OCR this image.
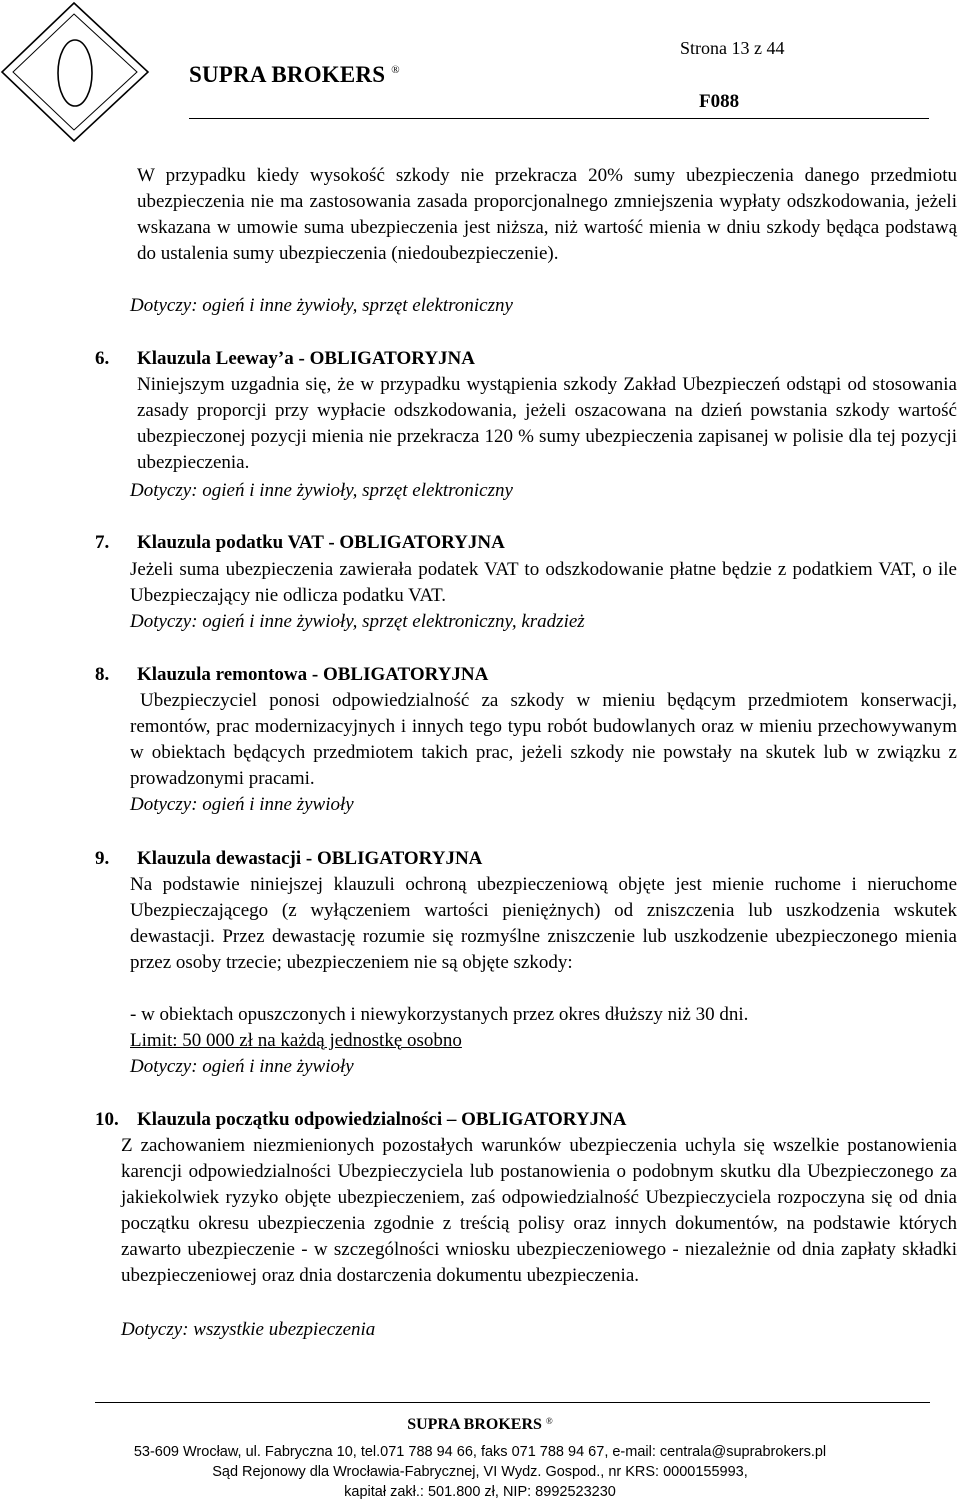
SUPRA BROKERS ®
Strona 13 z 44
F088

W przypadku kiedy wysokość szkody nie przekracza 20% sumy ubezpieczenia danego przedmiotu ubezpieczenia nie ma zastosowania zasada proporcjonalnego zmniejszenia wypłaty odszkodowania, jeżeli wskazana w umowie suma ubezpieczenia jest niższa, niż wartość mienia w dniu szkody będąca podstawą do ustalenia sumy ubezpieczenia (niedoubezpieczenie).

Dotyczy: ogień i inne żywioły, sprzęt elektroniczny

6. Klauzula Leeway’a - OBLIGATORYJNA

Niniejszym uzgadnia się, że w przypadku wystąpienia szkody Zakład Ubezpieczeń odstąpi od stosowania zasady proporcji przy wypłacie odszkodowania, jeżeli oszacowana na dzień powstania szkody wartość ubezpieczonej pozycji mienia nie przekracza 120 % sumy ubezpieczenia zapisanej w polisie dla tej pozycji ubezpieczenia.

Dotyczy: ogień i inne żywioły, sprzęt elektroniczny

7. Klauzula podatku VAT - OBLIGATORYJNA

Jeżeli suma ubezpieczenia zawierała podatek VAT to odszkodowanie płatne będzie z podatkiem VAT, o ile Ubezpieczający nie odlicza podatku VAT.

Dotyczy: ogień i inne żywioły, sprzęt elektroniczny, kradzież

8. Klauzula remontowa - OBLIGATORYJNA

Ubezpieczyciel ponosi odpowiedzialność za szkody w mieniu będącym przedmiotem konserwacji, remontów, prac modernizacyjnych i innych tego typu robót budowlanych oraz w mieniu przechowywanym w obiektach będących przedmiotem takich prac, jeżeli szkody nie powstały na skutek lub w związku z prowadzonymi pracami.

Dotyczy: ogień i inne żywioły

9. Klauzula dewastacji - OBLIGATORYJNA

Na podstawie niniejszej klauzuli ochroną ubezpieczeniową objęte jest mienie ruchome i nieruchome Ubezpieczającego (z wyłączeniem wartości pieniężnych) od zniszczenia lub uszkodzenia wskutek dewastacji. Przez dewastację rozumie się rozmyślne zniszczenie lub uszkodzenie ubezpieczonego mienia przez osoby trzecie; ubezpieczeniem nie są objęte szkody:

- w obiektach opuszczonych i niewykorzystanych przez okres dłuższy niż 30 dni.

Limit: 50 000 zł na każdą jednostkę osobno

Dotyczy: ogień i inne żywioły

10. Klauzula początku odpowiedzialności – OBLIGATORYJNA

Z zachowaniem niezmienionych pozostałych warunków ubezpieczenia uchyla się wszelkie postanowienia karencji odpowiedzialności Ubezpieczyciela lub postanowienia o podobnym skutku dla Ubezpieczonego za jakiekolwiek ryzyko objęte ubezpieczeniem, zaś odpowiedzialność Ubezpieczyciela rozpoczyna się od dnia początku okresu ubezpieczenia zgodnie z treścią polisy oraz innych dokumentów, na podstawie których zawarto ubezpieczenie - w szczególności wniosku ubezpieczeniowego - niezależnie od dnia zapłaty składki ubezpieczeniowej oraz dnia dostarczenia dokumentu ubezpieczenia.

Dotyczy: wszystkie ubezpieczenia

SUPRA BROKERS ®
53-609 Wrocław, ul. Fabryczna 10, tel.071 788 94 66, faks 071 788 94 67, e-mail: centrala@suprabrokers.pl
Sąd Rejonowy dla Wrocławia-Fabrycznej, VI Wydz. Gospod., nr KRS: 0000155993,
kapitał zakł.: 501.800 zł, NIP: 8992523230
